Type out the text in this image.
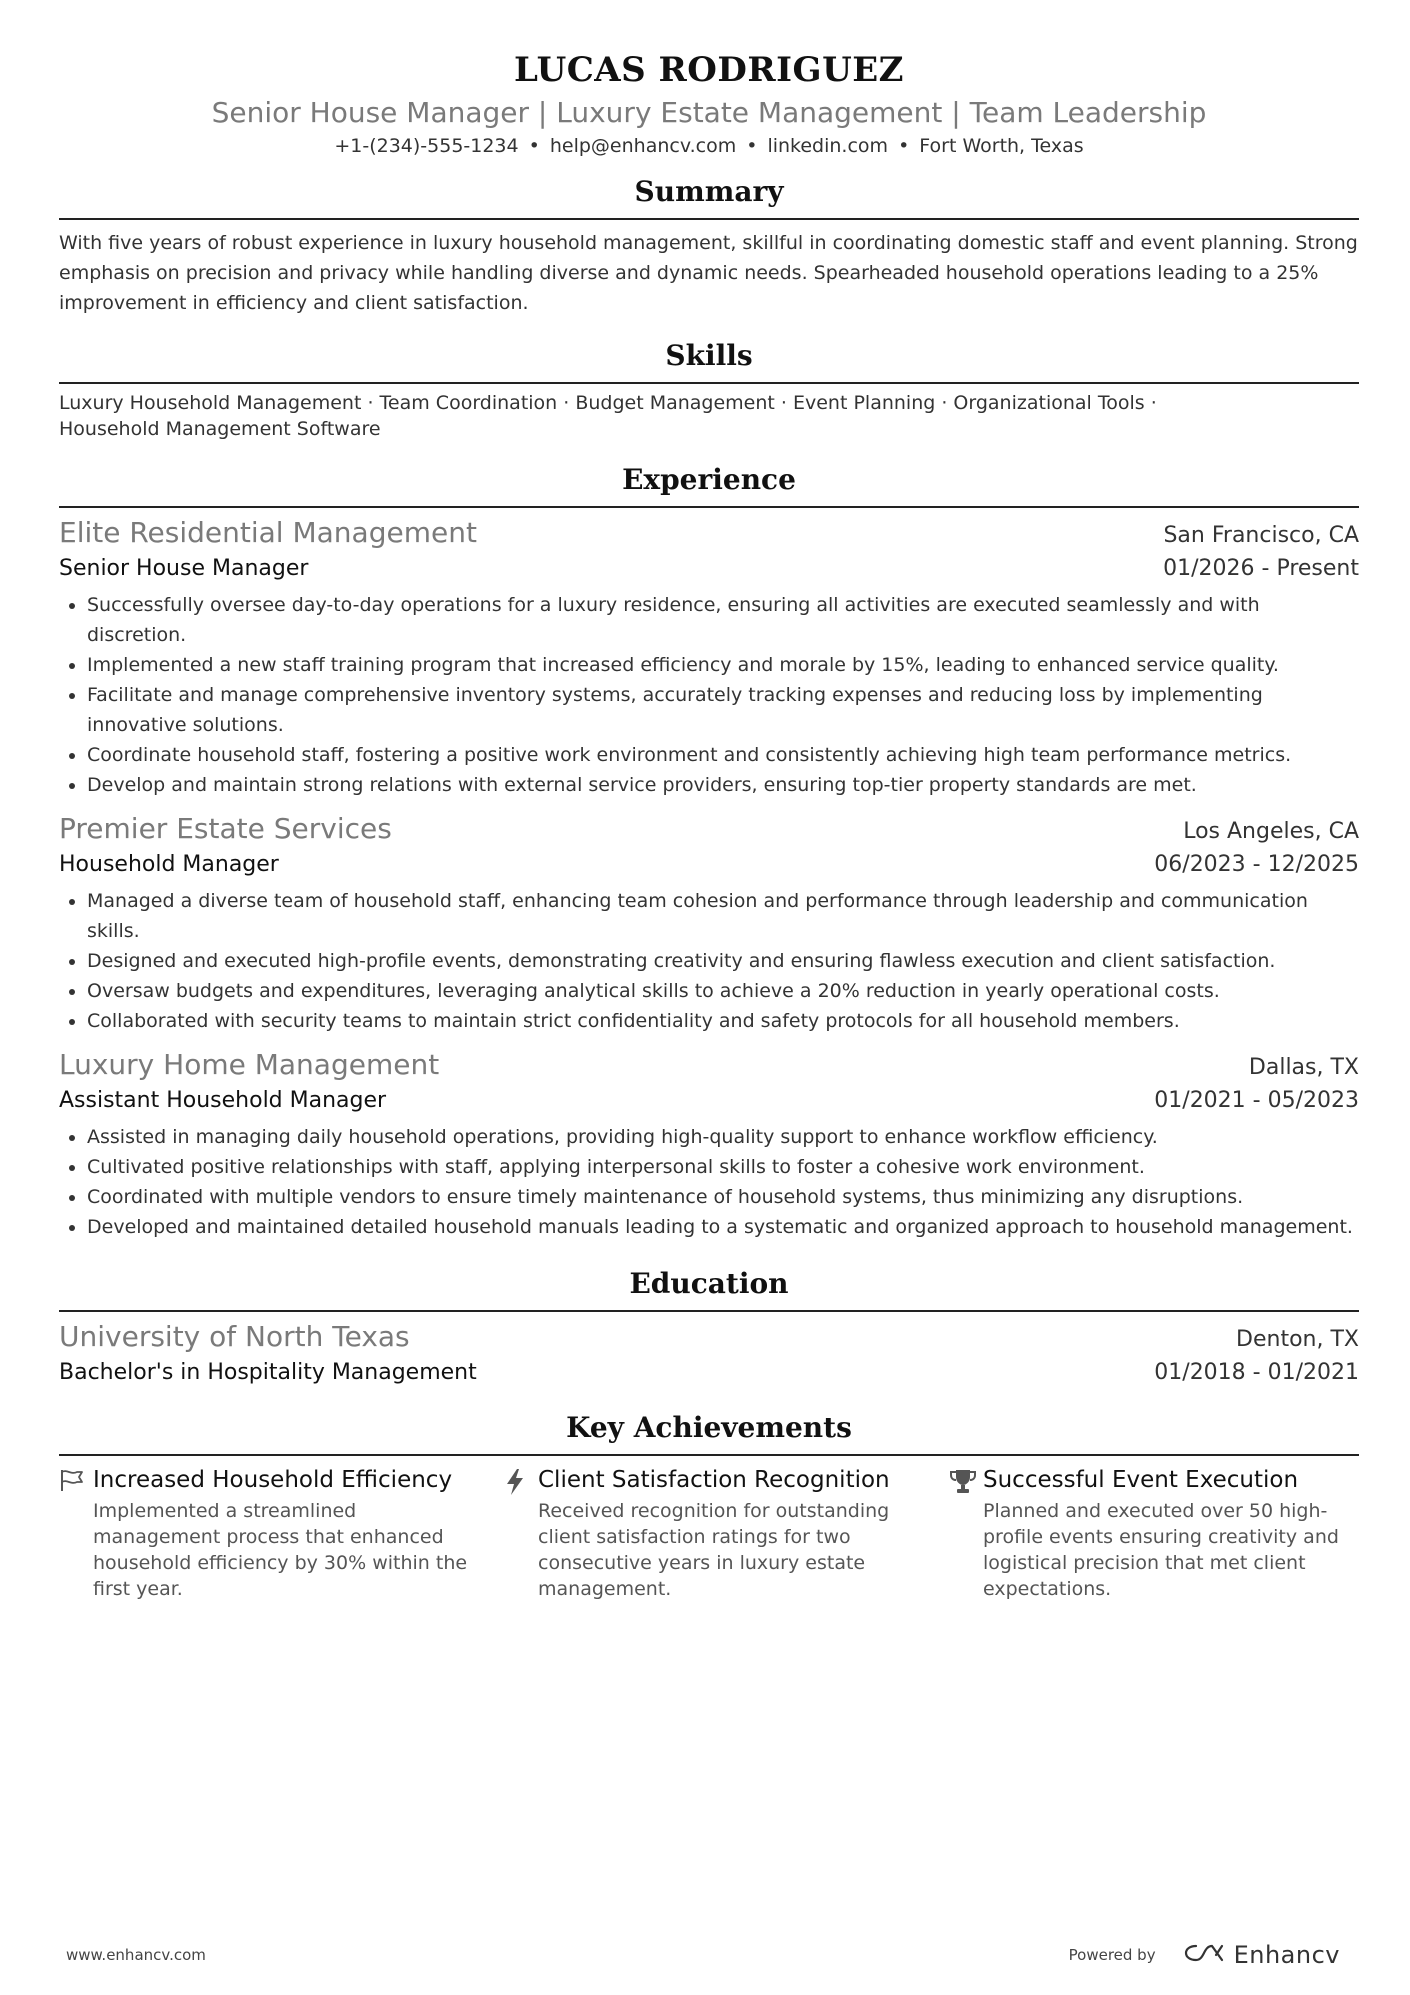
LUCAS RODRIGUEZ
Senior House Manager | Luxury Estate Management | Team Leadership
+1-(234)-555-1234 • help@enhancv.com • linkedin.com • Fort Worth, Texas
Summary
With five years of robust experience in luxury household management, skillful in coordinating domestic staff and event planning. Strong emphasis on precision and privacy while handling diverse and dynamic needs. Spearheaded household operations leading to a 25% improvement in efficiency and client satisfaction.
Skills
Luxury Household Management · Team Coordination · Budget Management · Event Planning · Organizational Tools · Household Management Software
Experience
Elite Residential Management	San Francisco, CA
Senior House Manager	01/2026 - Present
• Successfully oversee day-to-day operations for a luxury residence, ensuring all activities are executed seamlessly and with discretion.
• Implemented a new staff training program that increased efficiency and morale by 15%, leading to enhanced service quality.
• Facilitate and manage comprehensive inventory systems, accurately tracking expenses and reducing loss by implementing innovative solutions.
• Coordinate household staff, fostering a positive work environment and consistently achieving high team performance metrics.
• Develop and maintain strong relations with external service providers, ensuring top-tier property standards are met.
Premier Estate Services	Los Angeles, CA
Household Manager	06/2023 - 12/2025
• Managed a diverse team of household staff, enhancing team cohesion and performance through leadership and communication skills.
• Designed and executed high-profile events, demonstrating creativity and ensuring flawless execution and client satisfaction.
• Oversaw budgets and expenditures, leveraging analytical skills to achieve a 20% reduction in yearly operational costs.
• Collaborated with security teams to maintain strict confidentiality and safety protocols for all household members.
Luxury Home Management	Dallas, TX
Assistant Household Manager	01/2021 - 05/2023
• Assisted in managing daily household operations, providing high-quality support to enhance workflow efficiency.
• Cultivated positive relationships with staff, applying interpersonal skills to foster a cohesive work environment.
• Coordinated with multiple vendors to ensure timely maintenance of household systems, thus minimizing any disruptions.
• Developed and maintained detailed household manuals leading to a systematic and organized approach to household management.
Education
University of North Texas	Denton, TX
Bachelor's in Hospitality Management	01/2018 - 01/2021
Key Achievements
Increased Household Efficiency
Implemented a streamlined management process that enhanced household efficiency by 30% within the first year.
Client Satisfaction Recognition
Received recognition for outstanding client satisfaction ratings for two consecutive years in luxury estate management.
Successful Event Execution
Planned and executed over 50 high-profile events ensuring creativity and logistical precision that met client expectations.
www.enhancv.com	Powered by	Enhancv
